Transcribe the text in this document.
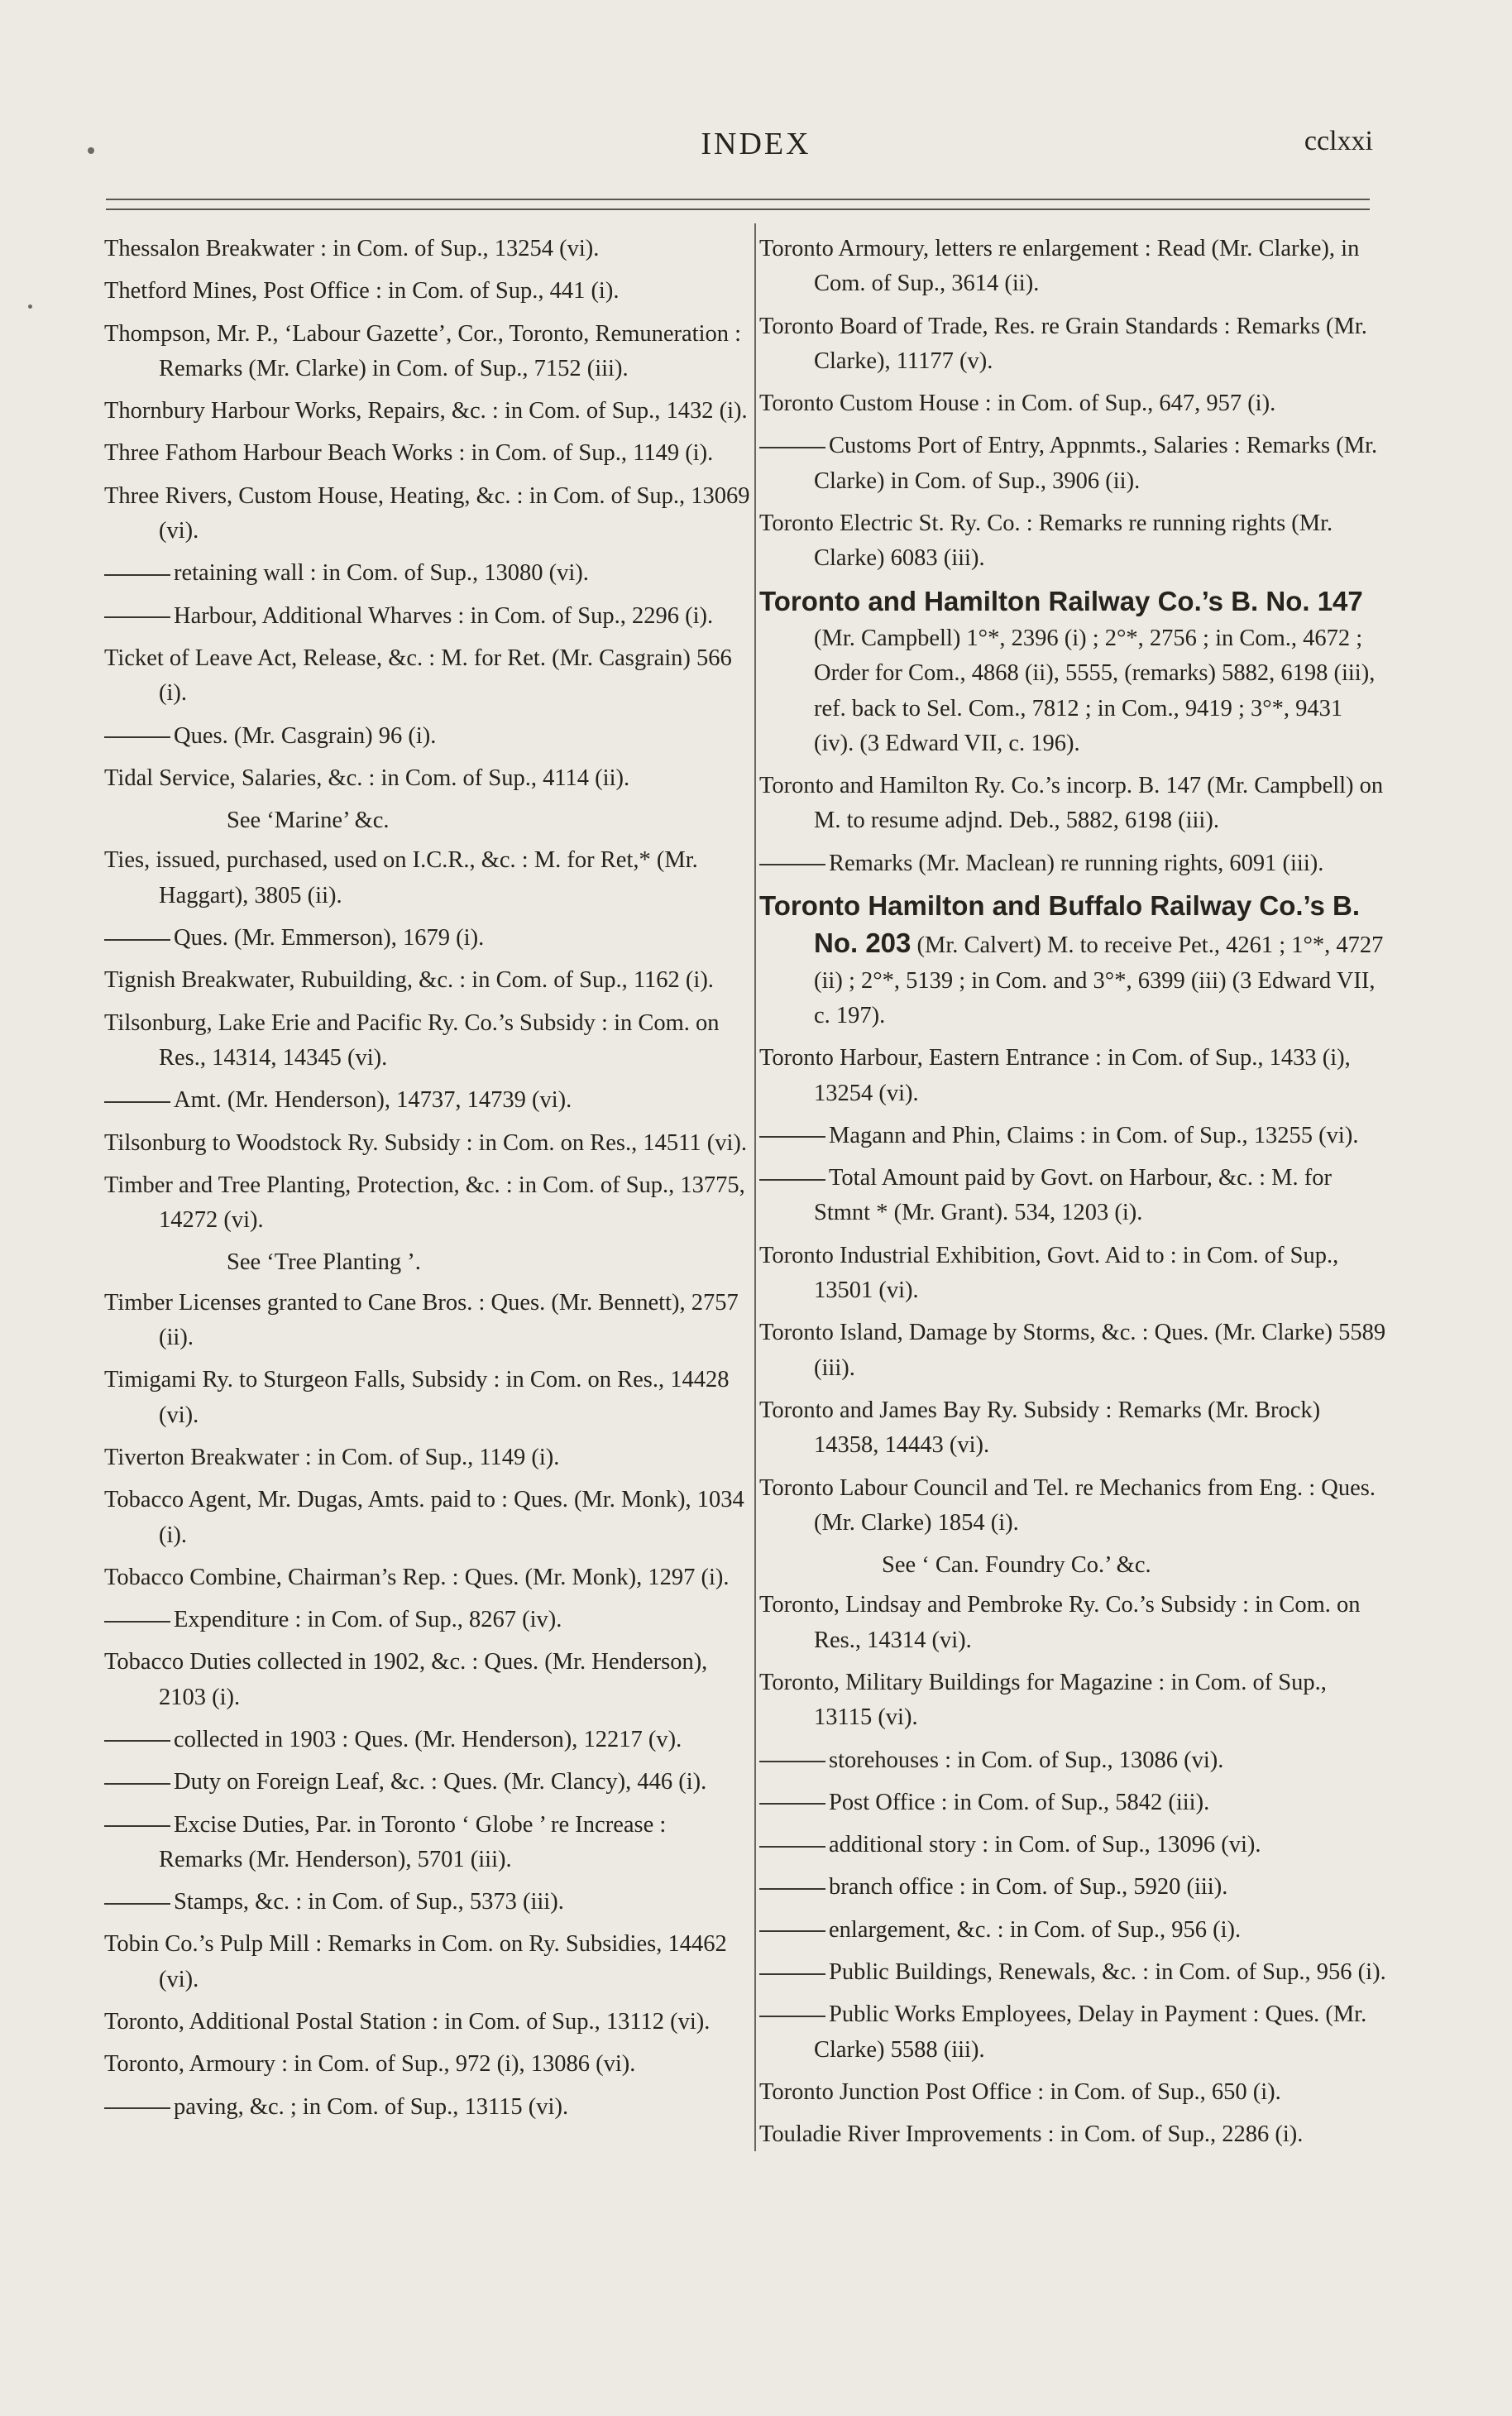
INDEX	cclxxi
Thessalon Breakwater : in Com. of Sup., 13254 (vi).
Thetford Mines, Post Office : in Com. of Sup., 441 (i).
Thompson, Mr. P., ‘Labour Gazette’, Cor., Toronto, Remuneration : Remarks (Mr. Clarke) in Com. of Sup., 7152 (iii).
Thornbury Harbour Works, Repairs, &c. : in Com. of Sup., 1432 (i).
Three Fathom Harbour Beach Works : in Com. of Sup., 1149 (i).
Three Rivers, Custom House, Heating, &c. : in Com. of Sup., 13069 (vi).
retaining wall : in Com. of Sup., 13080 (vi).
Harbour, Additional Wharves : in Com. of Sup., 2296 (i).
Ticket of Leave Act, Release, &c. : M. for Ret. (Mr. Casgrain) 566 (i).
Ques. (Mr. Casgrain) 96 (i).
Tidal Service, Salaries, &c. : in Com. of Sup., 4114 (ii).
See ‘Marine’ &c.
Ties, issued, purchased, used on I.C.R., &c. : M. for Ret,* (Mr. Haggart), 3805 (ii).
Ques. (Mr. Emmerson), 1679 (i).
Tignish Breakwater, Rubuilding, &c. : in Com. of Sup., 1162 (i).
Tilsonburg, Lake Erie and Pacific Ry. Co.’s Subsidy : in Com. on Res., 14314, 14345 (vi).
Amt. (Mr. Henderson), 14737, 14739 (vi).
Tilsonburg to Woodstock Ry. Subsidy : in Com. on Res., 14511 (vi).
Timber and Tree Planting, Protection, &c. : in Com. of Sup., 13775, 14272 (vi).
See ‘Tree Planting ’.
Timber Licenses granted to Cane Bros. : Ques. (Mr. Bennett), 2757 (ii).
Timigami Ry. to Sturgeon Falls, Subsidy : in Com. on Res., 14428 (vi).
Tiverton Breakwater : in Com. of Sup., 1149 (i).
Tobacco Agent, Mr. Dugas, Amts. paid to : Ques. (Mr. Monk), 1034 (i).
Tobacco Combine, Chairman’s Rep. : Ques. (Mr. Monk), 1297 (i).
Expenditure : in Com. of Sup., 8267 (iv).
Tobacco Duties collected in 1902, &c. : Ques. (Mr. Henderson), 2103 (i).
collected in 1903 : Ques. (Mr. Henderson), 12217 (v).
Duty on Foreign Leaf, &c. : Ques. (Mr. Clancy), 446 (i).
Excise Duties, Par. in Toronto ‘ Globe ’ re Increase : Remarks (Mr. Henderson), 5701 (iii).
Stamps, &c. : in Com. of Sup., 5373 (iii).
Tobin Co.’s Pulp Mill : Remarks in Com. on Ry. Subsidies, 14462 (vi).
Toronto, Additional Postal Station : in Com. of Sup., 13112 (vi).
Toronto, Armoury : in Com. of Sup., 972 (i), 13086 (vi).
paving, &c. ; in Com. of Sup., 13115 (vi).
Toronto Armoury, letters re enlargement : Read (Mr. Clarke), in Com. of Sup., 3614 (ii).
Toronto Board of Trade, Res. re Grain Standards : Remarks (Mr. Clarke), 11177 (v).
Toronto Custom House : in Com. of Sup., 647, 957 (i).
Customs Port of Entry, Appnmts., Salaries : Remarks (Mr. Clarke) in Com. of Sup., 3906 (ii).
Toronto Electric St. Ry. Co. : Remarks re running rights (Mr. Clarke) 6083 (iii).
Toronto and Hamilton Railway Co.’s B. No. 147 (Mr. Campbell) 1°*, 2396 (i) ; 2°*, 2756 ; in Com., 4672 ; Order for Com., 4868 (ii), 5555, (remarks) 5882, 6198 (iii), ref. back to Sel. Com., 7812 ; in Com., 9419 ; 3°*, 9431 (iv). (3 Edward VII, c. 196).
Toronto and Hamilton Ry. Co.’s incorp. B. 147 (Mr. Campbell) on M. to resume adjnd. Deb., 5882, 6198 (iii).
Remarks (Mr. Maclean) re running rights, 6091 (iii).
Toronto Hamilton and Buffalo Railway Co.’s B. No. 203 (Mr. Calvert) M. to receive Pet., 4261 ; 1°*, 4727 (ii) ; 2°*, 5139 ; in Com. and 3°*, 6399 (iii) (3 Edward VII, c. 197).
Toronto Harbour, Eastern Entrance : in Com. of Sup., 1433 (i), 13254 (vi).
Magann and Phin, Claims : in Com. of Sup., 13255 (vi).
Total Amount paid by Govt. on Harbour, &c. : M. for Stmnt * (Mr. Grant). 534, 1203 (i).
Toronto Industrial Exhibition, Govt. Aid to : in Com. of Sup., 13501 (vi).
Toronto Island, Damage by Storms, &c. : Ques. (Mr. Clarke) 5589 (iii).
Toronto and James Bay Ry. Subsidy : Remarks (Mr. Brock) 14358, 14443 (vi).
Toronto Labour Council and Tel. re Mechanics from Eng. : Ques. (Mr. Clarke) 1854 (i).
See ‘ Can. Foundry Co.’ &c.
Toronto, Lindsay and Pembroke Ry. Co.’s Subsidy : in Com. on Res., 14314 (vi).
Toronto, Military Buildings for Magazine : in Com. of Sup., 13115 (vi).
storehouses : in Com. of Sup., 13086 (vi).
Post Office : in Com. of Sup., 5842 (iii).
additional story : in Com. of Sup., 13096 (vi).
branch office : in Com. of Sup., 5920 (iii).
enlargement, &c. : in Com. of Sup., 956 (i).
Public Buildings, Renewals, &c. : in Com. of Sup., 956 (i).
Public Works Employees, Delay in Payment : Ques. (Mr. Clarke) 5588 (iii).
Toronto Junction Post Office : in Com. of Sup., 650 (i).
Touladie River Improvements : in Com. of Sup., 2286 (i).
